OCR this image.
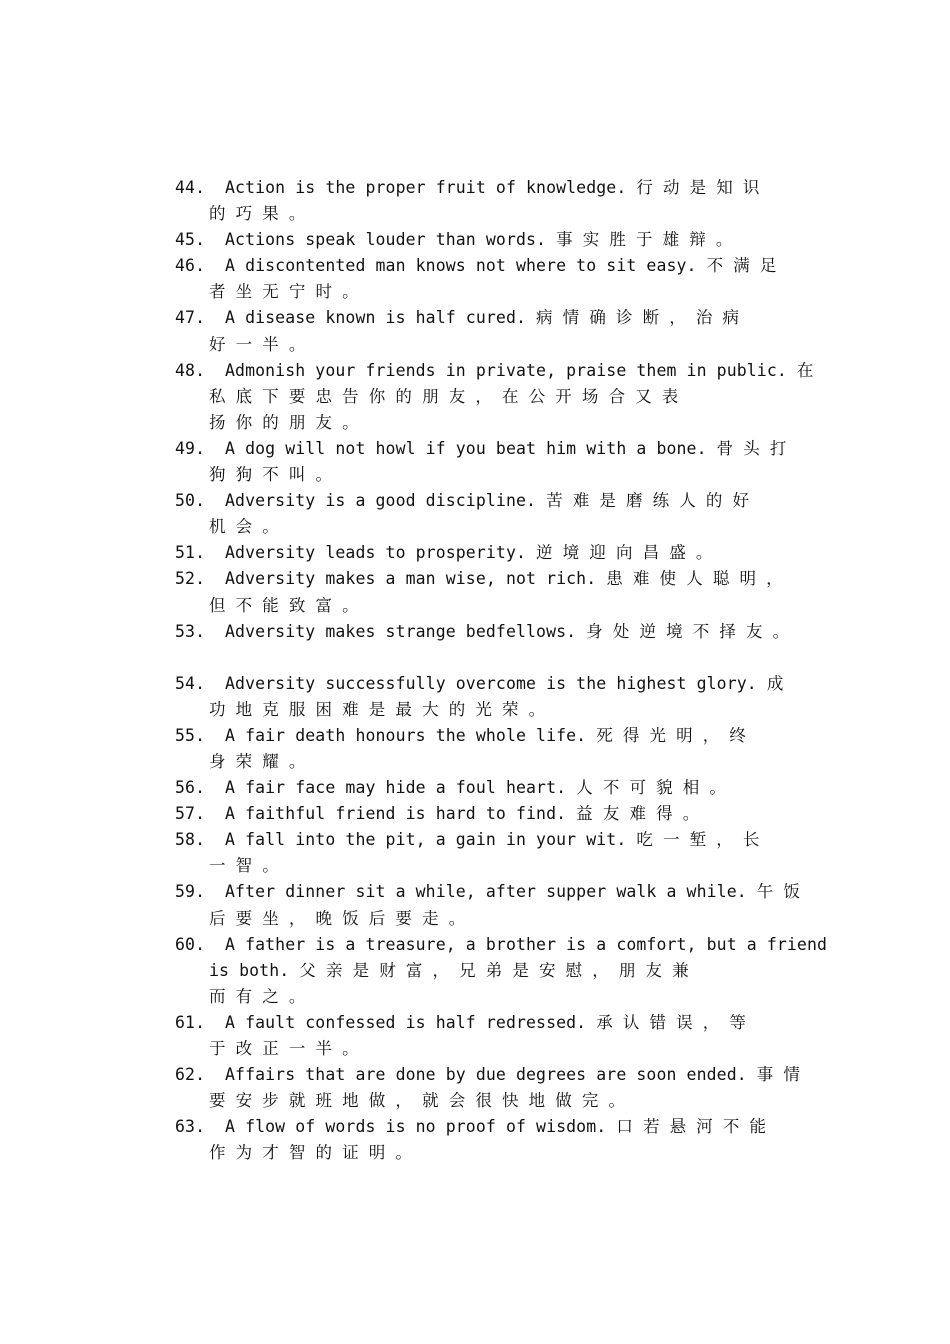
44. Action is the proper fruit of knowledge. 行 动 是 知 识
的 巧 果 。
45. Actions speak louder than words. 事 实 胜 于 雄 辩 。
46. A discontented man knows not where to sit easy. 不 满 足
者 坐 无 宁 时 。
47. A disease known is half cured. 病 情 确 诊 断 ， 治 病
好 一 半 。
48. Admonish your friends in private, praise them in public. 在
私 底 下 要 忠 告 你 的 朋 友 ， 在 公 开 场 合 又 表
扬 你 的 朋 友 。
49. A dog will not howl if you beat him with a bone. 骨 头 打
狗 狗 不 叫 。
50. Adversity is a good discipline. 苦 难 是 磨 练 人 的 好
机 会 。
51. Adversity leads to prosperity. 逆 境 迎 向 昌 盛 。
52. Adversity makes a man wise, not rich. 患 难 使 人 聪 明 ，
但 不 能 致 富 。
53. Adversity makes strange bedfellows. 身 处 逆 境 不 择 友 。
54. Adversity successfully overcome is the highest glory. 成
功 地 克 服 困 难 是 最 大 的 光 荣 。
55. A fair death honours the whole life. 死 得 光 明 ， 终
身 荣 耀 。
56. A fair face may hide a foul heart. 人 不 可 貌 相 。
57. A faithful friend is hard to find. 益 友 难 得 。
58. A fall into the pit, a gain in your wit. 吃 一 堑 ， 长
一 智 。
59. After dinner sit a while, after supper walk a while. 午 饭
后 要 坐 ， 晚 饭 后 要 走 。
60. A father is a treasure, a brother is a comfort, but a friend
is both. 父 亲 是 财 富 ， 兄 弟 是 安 慰 ， 朋 友 兼
而 有 之 。
61. A fault confessed is half redressed. 承 认 错 误 ， 等
于 改 正 一 半 。
62. Affairs that are done by due degrees are soon ended. 事 情
要 安 步 就 班 地 做 ， 就 会 很 快 地 做 完 。
63. A flow of words is no proof of wisdom. 口 若 悬 河 不 能
作 为 才 智 的 证 明 。
